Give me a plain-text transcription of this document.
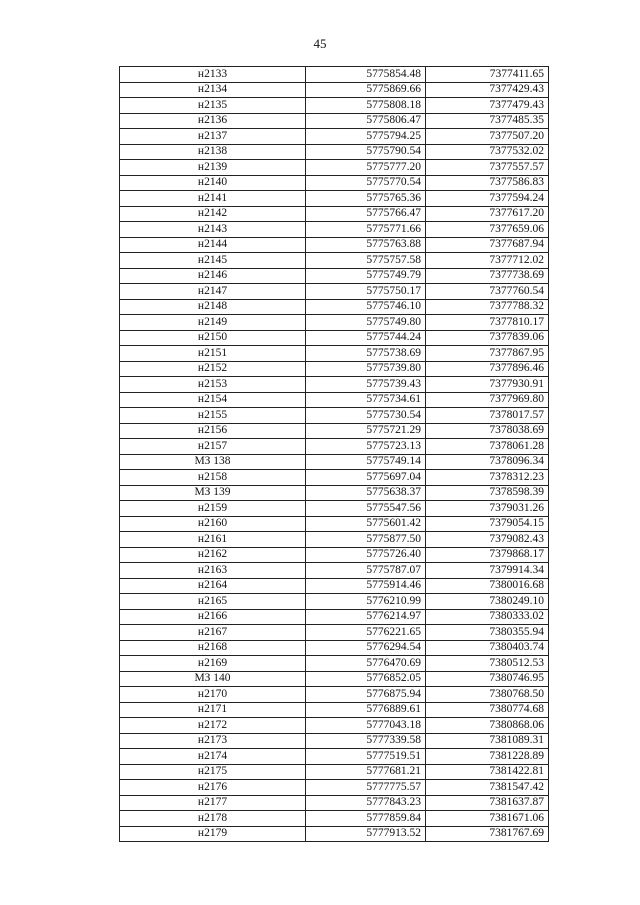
45
н2133	5775854.48	7377411.65
н2134	5775869.66	7377429.43
н2135	5775808.18	7377479.43
н2136	5775806.47	7377485.35
н2137	5775794.25	7377507.20
н2138	5775790.54	7377532.02
н2139	5775777.20	7377557.57
н2140	5775770.54	7377586.83
н2141	5775765.36	7377594.24
н2142	5775766.47	7377617.20
н2143	5775771.66	7377659.06
н2144	5775763.88	7377687.94
н2145	5775757.58	7377712.02
н2146	5775749.79	7377738.69
н2147	5775750.17	7377760.54
н2148	5775746.10	7377788.32
н2149	5775749.80	7377810.17
н2150	5775744.24	7377839.06
н2151	5775738.69	7377867.95
н2152	5775739.80	7377896.46
н2153	5775739.43	7377930.91
н2154	5775734.61	7377969.80
н2155	5775730.54	7378017.57
н2156	5775721.29	7378038.69
н2157	5775723.13	7378061.28
МЗ 138	5775749.14	7378096.34
н2158	5775697.04	7378312.23
МЗ 139	5775638.37	7378598.39
н2159	5775547.56	7379031.26
н2160	5775601.42	7379054.15
н2161	5775877.50	7379082.43
н2162	5775726.40	7379868.17
н2163	5775787.07	7379914.34
н2164	5775914.46	7380016.68
н2165	5776210.99	7380249.10
н2166	5776214.97	7380333.02
н2167	5776221.65	7380355.94
н2168	5776294.54	7380403.74
н2169	5776470.69	7380512.53
МЗ 140	5776852.05	7380746.95
н2170	5776875.94	7380768.50
н2171	5776889.61	7380774.68
н2172	5777043.18	7380868.06
н2173	5777339.58	7381089.31
н2174	5777519.51	7381228.89
н2175	5777681.21	7381422.81
н2176	5777775.57	7381547.42
н2177	5777843.23	7381637.87
н2178	5777859.84	7381671.06
н2179	5777913.52	7381767.69
